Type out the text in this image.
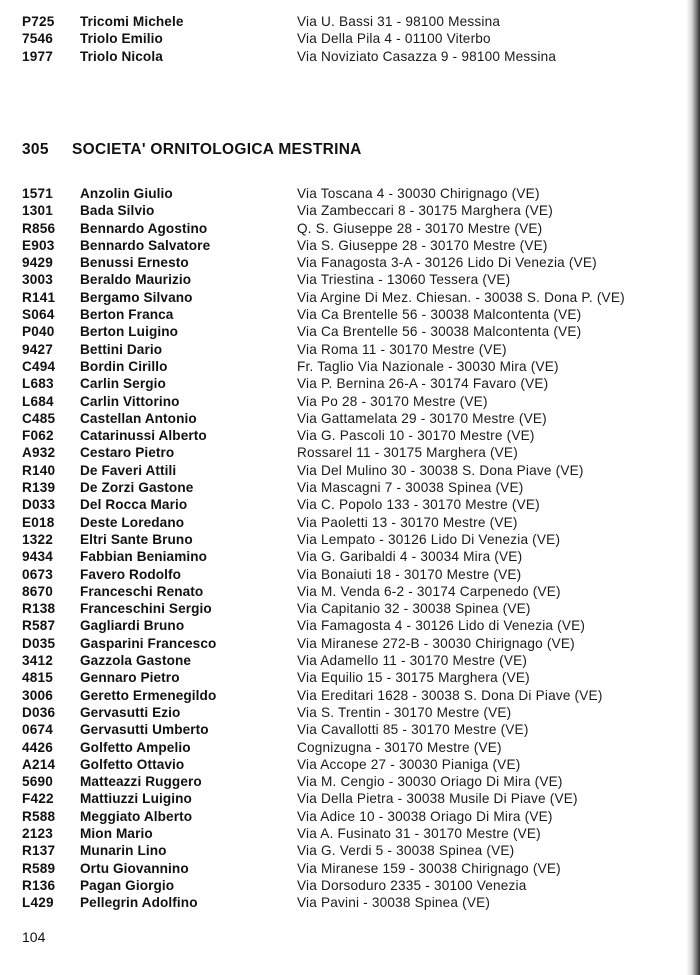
P725 Tricomi Michele	Via U. Bassi 31 - 98100 Messina
7546 Triolo Emilio	Via Della Pila 4 - 01100 Viterbo
1977 Triolo Nicola	Via Noviziato Casazza 9 - 98100 Messina
305 SOCIETA' ORNITOLOGICA MESTRINA
1571 Anzolin Giulio	Via Toscana 4 - 30030 Chirignago (VE)
1301 Bada Silvio	Via Zambeccari 8 - 30175 Marghera (VE)
R856 Bennardo Agostino	Q. S. Giuseppe 28 - 30170 Mestre (VE)
E903 Bennardo Salvatore	Via S. Giuseppe 28 - 30170 Mestre (VE)
9429 Benussi Ernesto	Via Fanagosta 3-A - 30126 Lido Di Venezia (VE)
3003 Beraldo Maurizio	Via Triestina - 13060 Tessera (VE)
R141 Bergamo Silvano	Via Argine Di Mez. Chiesan. - 30038 S. Dona P. (VE)
S064 Berton Franca	Via Ca Brentelle 56 - 30038 Malcontenta (VE)
P040 Berton Luigino	Via Ca Brentelle 56 - 30038 Malcontenta (VE)
9427 Bettini Dario	Via Roma 11 - 30170 Mestre (VE)
C494 Bordin Cirillo	Fr. Taglio Via Nazionale - 30030 Mira (VE)
L683 Carlin Sergio	Via P. Bernina 26-A - 30174 Favaro (VE)
L684 Carlin Vittorino	Via Po 28 - 30170 Mestre (VE)
C485 Castellan Antonio	Via Gattamelata 29 - 30170 Mestre (VE)
F062 Catarinussi Alberto	Via G. Pascoli 10 - 30170 Mestre (VE)
A932 Cestaro Pietro	Rossarel 11 - 30175 Marghera (VE)
R140 De Faveri Attili	Via Del Mulino 30 - 30038 S. Dona Piave (VE)
R139 De Zorzi Gastone	Via Mascagni 7 - 30038 Spinea (VE)
D033 Del Rocca Mario	Via C. Popolo 133 - 30170 Mestre (VE)
E018 Deste Loredano	Via Paoletti 13 - 30170 Mestre (VE)
1322 Eltri Sante Bruno	Via Lempato - 30126 Lido Di Venezia (VE)
9434 Fabbian Beniamino	Via G. Garibaldi 4 - 30034 Mira (VE)
0673 Favero Rodolfo	Via Bonaiuti 18 - 30170 Mestre (VE)
8670 Franceschi Renato	Via M. Venda 6-2 - 30174 Carpenedo (VE)
R138 Franceschini Sergio	Via Capitanio 32 - 30038 Spinea (VE)
R587 Gagliardi Bruno	Via Famagosta 4 - 30126 Lido di Venezia (VE)
D035 Gasparini Francesco	Via Miranese 272-B - 30030 Chirignago (VE)
3412 Gazzola Gastone	Via Adamello 11 - 30170 Mestre (VE)
4815 Gennaro Pietro	Via Equilio 15 - 30175 Marghera (VE)
3006 Geretto Ermenegildo	Via Ereditari 1628 - 30038 S. Dona Di Piave (VE)
D036 Gervasutti Ezio	Via S. Trentin - 30170 Mestre (VE)
0674 Gervasutti Umberto	Via Cavallotti 85 - 30170 Mestre (VE)
4426 Golfetto Ampelio	Cognizugna - 30170 Mestre (VE)
A214 Golfetto Ottavio	Via Accope 27 - 30030 Pianiga (VE)
5690 Matteazzi Ruggero	Via M. Cengio - 30030 Oriago Di Mira (VE)
F422 Mattiuzzi Luigino	Via Della Pietra - 30038 Musile Di Piave (VE)
R588 Meggiato Alberto	Via Adice 10 - 30038 Oriago Di Mira (VE)
2123 Mion Mario	Via A. Fusinato 31 - 30170 Mestre (VE)
R137 Munarin Lino	Via G. Verdi 5 - 30038 Spinea (VE)
R589 Ortu Giovannino	Via Miranese 159 - 30038 Chirignago (VE)
R136 Pagan Giorgio	Via Dorsoduro 2335 - 30100 Venezia
L429 Pellegrin Adolfino	Via Pavini - 30038 Spinea (VE)
104
